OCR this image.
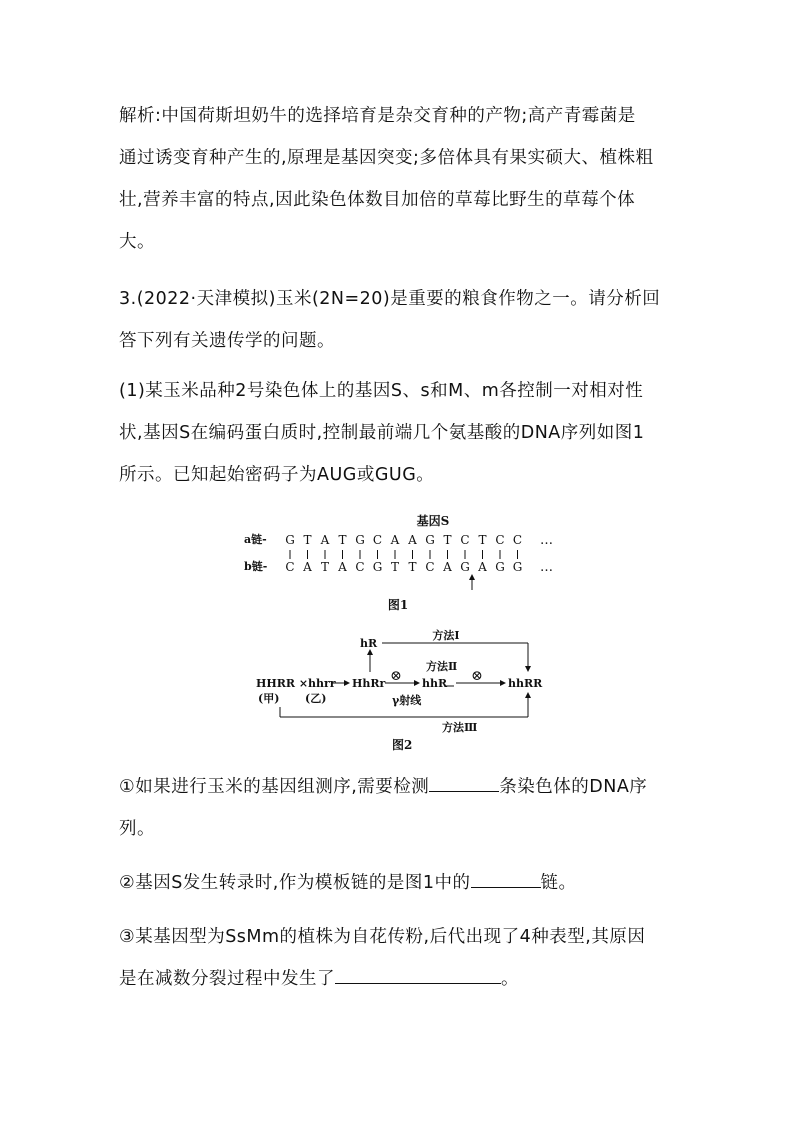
解析:中国荷斯坦奶牛的选择培育是杂交育种的产物;高产青霉菌是
通过诱变育种产生的,原理是基因突变;多倍体具有果实硕大、植株粗
壮,营养丰富的特点,因此染色体数目加倍的草莓比野生的草莓个体
大。

3.(2022·天津模拟)玉米(2N=20)是重要的粮食作物之一。请分析回
答下列有关遗传学的问题。

(1)某玉米品种2号染色体上的基因S、s和M、m各控制一对相对性
状,基因S在编码蛋白质时,控制最前端几个氨基酸的DNA序列如图1
所示。已知起始密码子为AUG或GUG。

基因S
a链-
b链-
G T A T G C A A G T C T C C
C A T A C G T T C A G A G G
…
…
图1
hR
方法Ⅰ
HHRR × hhrr HhRr
(甲) (乙)
方法Ⅱ
⊗ hhR ⊗ hhRR
γ射线
方法Ⅲ
图2

①如果进行玉米的基因组测序,需要检测	条染色体的DNA序
列。

②基因S发生转录时,作为模板链的是图1中的	链。

③某基因型为SsMm的植株为自花传粉,后代出现了4种表型,其原因
是在减数分裂过程中发生了	。
